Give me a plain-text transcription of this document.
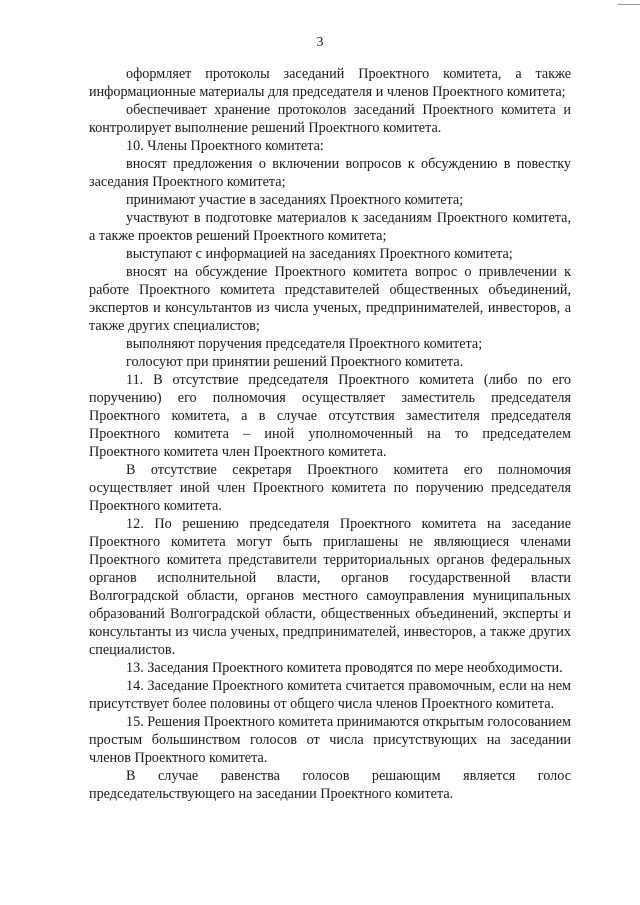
3

оформляет протоколы заседаний Проектного комитета, а также информационные материалы для председателя и членов Проектного комитета;

обеспечивает хранение протоколов заседаний Проектного комитета и контролирует выполнение решений Проектного комитета.

10. Члены Проектного комитета:

вносят предложения о включении вопросов к обсуждению в повестку заседания Проектного комитета;

принимают участие в заседаниях Проектного комитета;

участвуют в подготовке материалов к заседаниям Проектного комитета, а также проектов решений Проектного комитета;

выступают с информацией на заседаниях Проектного комитета;

вносят на обсуждение Проектного комитета вопрос о привлечении к работе Проектного комитета представителей общественных объединений, экспертов и консультантов из числа ученых, предпринимателей, инвесторов, а также других специалистов;

выполняют поручения председателя Проектного комитета;

голосуют при принятии решений Проектного комитета.

11. В отсутствие председателя Проектного комитета (либо по его поручению) его полномочия осуществляет заместитель председателя Проектного комитета, а в случае отсутствия заместителя председателя Проектного комитета – иной уполномоченный на то председателем Проектного комитета член Проектного комитета.

В отсутствие секретаря Проектного комитета его полномочия осуществляет иной член Проектного комитета по поручению председателя Проектного комитета.

12. По решению председателя Проектного комитета на заседание Проектного комитета могут быть приглашены не являющиеся членами Проектного комитета представители территориальных органов федеральных органов исполнительной власти, органов государственной власти Волгоградской области, органов местного самоуправления муниципальных образований Волгоградской области, общественных объединений, эксперты и консультанты из числа ученых, предпринимателей, инвесторов, а также других специалистов.

13. Заседания Проектного комитета проводятся по мере необходимости.

14. Заседание Проектного комитета считается правомочным, если на нем присутствует более половины от общего числа членов Проектного комитета.

15. Решения Проектного комитета принимаются открытым голосованием простым большинством голосов от числа присутствующих на заседании членов Проектного комитета.

В случае равенства голосов решающим является голос председательствующего на заседании Проектного комитета.
